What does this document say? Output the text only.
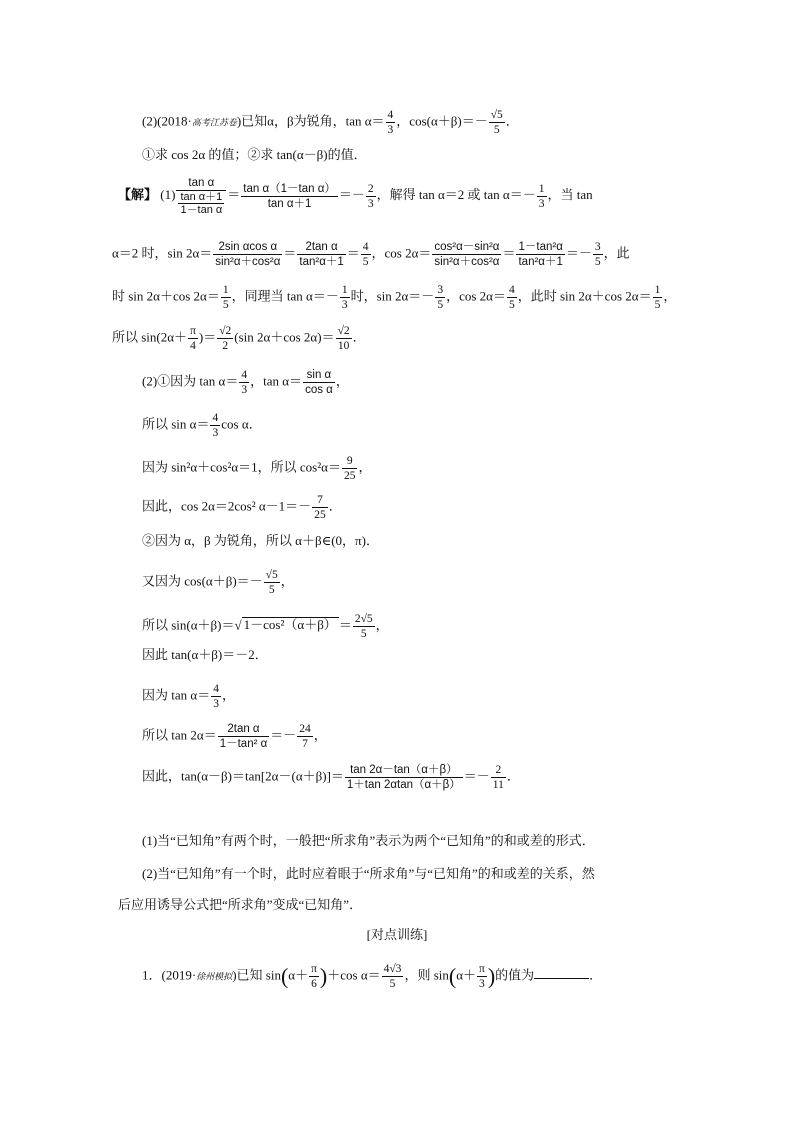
(2)(2018·高考江苏卷)已知α，β为锐角，$\tan \alpha= \frac{4}{3}$ ，$\cos(\alpha+\beta)=- \frac{√5}{5}$ ．
①求 cos 2α 的值；②求 tan(α－β)的值．
【解】 $(1) \frac{\text{tan α}}{\frac{\text{tan α＋1}}{\text{1－tan α}}} = \frac{\text{tan α（1－tan α）}}{\text{tan α＋1}} =- \frac{2}{3}$ ，解得 tan α＝2 或 $\tan \alpha=- \frac{1}{3}$ ，当 tan
α＝2 时，$\sin 2\alpha= \frac{\text{2sin αcos α}}{\text{sin²α＋cos²α}} = \frac{\text{2tan α}}{\text{tan²α＋1}} = \frac{4}{5}$ ，$\cos 2\alpha= \frac{\text{cos²α－sin²α}}{\text{sin²α＋cos²α}} = \frac{\text{1－tan²α}}{\text{tan²α＋1}} =- \frac{3}{5}$ ，此
时 sin 2α＋cos $2\alpha= \frac{1}{5}$ ，同理当 $\tan \alpha=- \frac{1}{3}$ 时，$\sin 2\alpha=- \frac{3}{5}$ ，$\cos 2\alpha= \frac{4}{5}$ ，此时 sin 2α＋cos $2\alpha= \frac{1}{5}$ ，
所以 $\sin(2\alpha+ \frac{\pi}{4}$ )＝ $\frac{√2}{2} (\sin$ 2α＋cos $2\alpha)= \frac{√2}{10}$ ．
(2)①因为 $\tan \alpha= \frac{4}{3}$ ，$\tan \alpha= \frac{\text{sin α}}{\text{cos α}}$ ，
所以 $\sin \alpha= \frac{4}{3}$ cos α．
因为 sin²α＋cos²α＝1，所以 $\cos^2\alpha= \frac{9}{25}$ ，
因此，cos 2α＝2cos² $\alpha-1=- \frac{7}{25}$ ．
②因为 α，β 为锐角，所以 α＋β∈(0，π)．
又因为 $\cos(\alpha+\beta)=- \frac{√5}{5}$ ，
所以 sin(α＋β)＝√ $1-\cos^2(\alpha+\beta) = \frac{2√5}{5}$ ，
因此 tan(α＋β)＝－2．
因为 $\tan \alpha= \frac{4}{3}$ ，
所以 $\tan 2\alpha= \frac{\text{2tan α}}{\text{1－tan² α}} =- \frac{24}{7}$ ，
因此，$\tan(\alpha-\beta)=\tan[2\alpha-(\alpha+\beta)]= \frac{\tan 2\alpha-\tan(\alpha+\beta)}{1+\tan 2\alpha\tan(\alpha+\beta)} =- \frac{2}{11}$ ．
(1)当“已知角”有两个时，一般把“所求角”表示为两个“已知角”的和或差的形式．
(2)当“已知角”有一个时，此时应着眼于“所求角”与“已知角”的和或差的关系，然
后应用诱导公式把“所求角”变成“已知角”．
[对点训练]
1．(2019·徐州模拟)已知 $\sin(\alpha+ \frac{\pi}{6} )+\cos$ $\alpha= \frac{4√3}{5}$ ，则 $\sin(\alpha+ \frac{\pi}{3}$ )的值为	．
